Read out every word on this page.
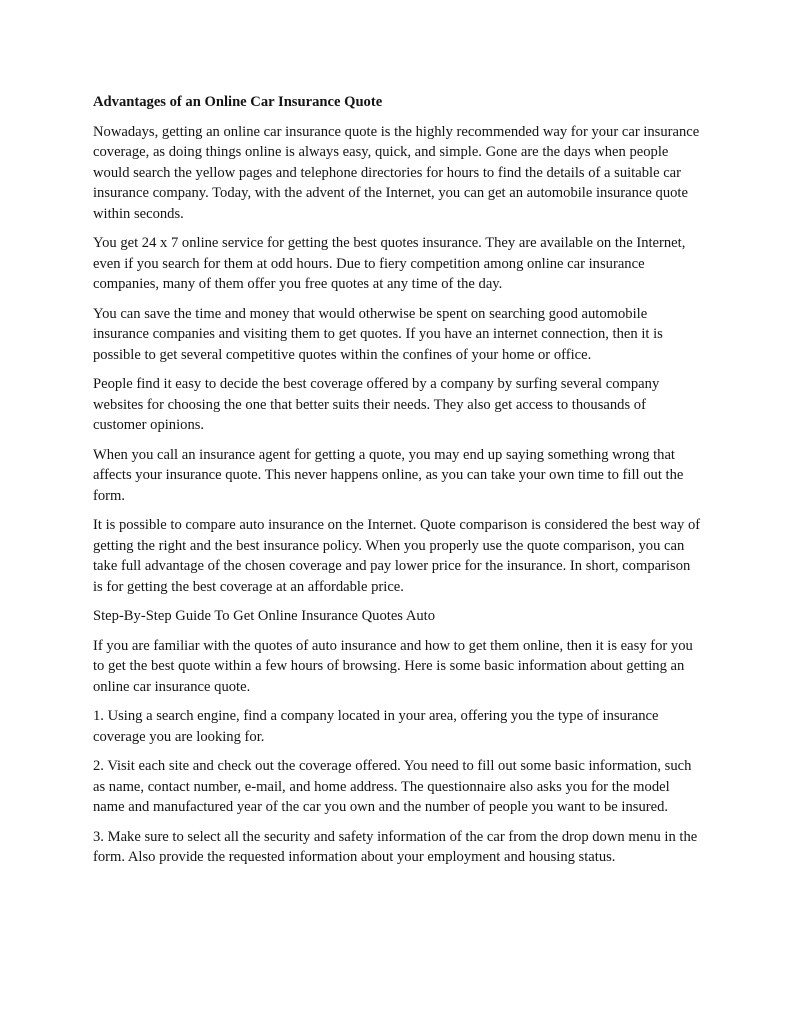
Advantages of an Online Car Insurance Quote

Nowadays, getting an online car insurance quote is the highly recommended way for your car insurance coverage, as doing things online is always easy, quick, and simple. Gone are the days when people would search the yellow pages and telephone directories for hours to find the details of a suitable car insurance company. Today, with the advent of the Internet, you can get an automobile insurance quote within seconds.

You get 24 x 7 online service for getting the best quotes insurance. They are available on the Internet, even if you search for them at odd hours. Due to fiery competition among online car insurance companies, many of them offer you free quotes at any time of the day.

You can save the time and money that would otherwise be spent on searching good automobile insurance companies and visiting them to get quotes. If you have an internet connection, then it is possible to get several competitive quotes within the confines of your home or office.

People find it easy to decide the best coverage offered by a company by surfing several company websites for choosing the one that better suits their needs. They also get access to thousands of customer opinions.

When you call an insurance agent for getting a quote, you may end up saying something wrong that affects your insurance quote. This never happens online, as you can take your own time to fill out the form.

It is possible to compare auto insurance on the Internet. Quote comparison is considered the best way of getting the right and the best insurance policy. When you properly use the quote comparison, you can take full advantage of the chosen coverage and pay lower price for the insurance. In short, comparison is for getting the best coverage at an affordable price.

Step-By-Step Guide To Get Online Insurance Quotes Auto

If you are familiar with the quotes of auto insurance and how to get them online, then it is easy for you to get the best quote within a few hours of browsing. Here is some basic information about getting an online car insurance quote.

1. Using a search engine, find a company located in your area, offering you the type of insurance coverage you are looking for.

2. Visit each site and check out the coverage offered. You need to fill out some basic information, such as name, contact number, e-mail, and home address. The questionnaire also asks you for the model name and manufactured year of the car you own and the number of people you want to be insured.

3. Make sure to select all the security and safety information of the car from the drop down menu in the form. Also provide the requested information about your employment and housing status.
